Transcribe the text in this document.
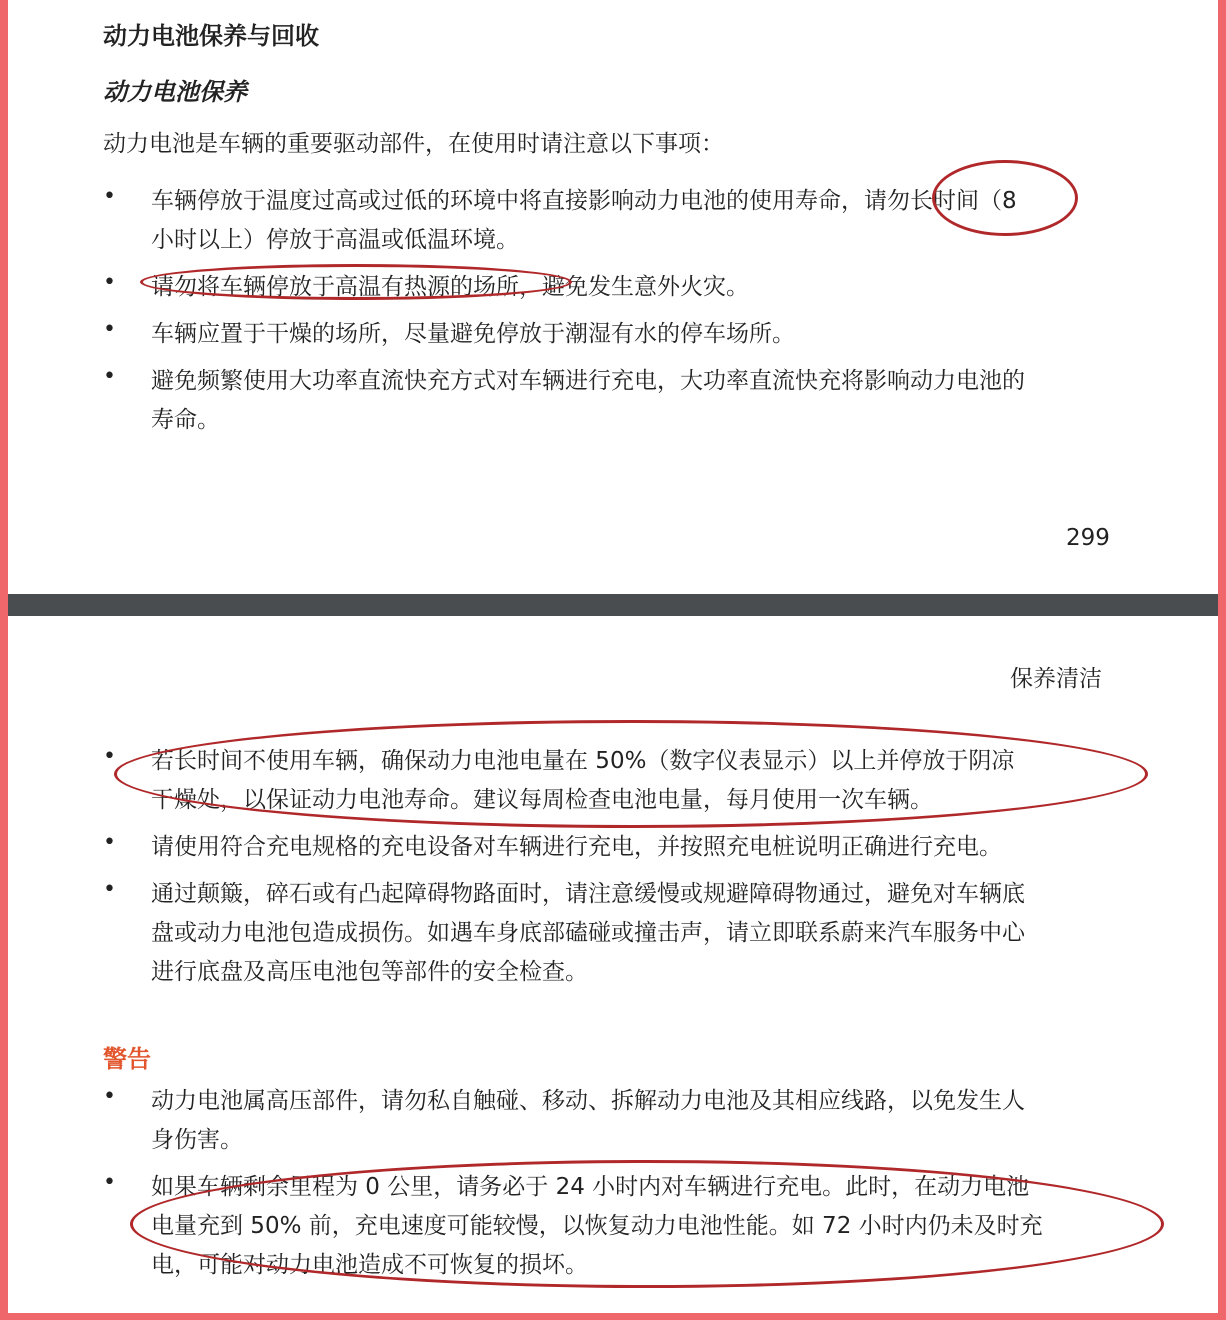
动力电池保养与回收
动力电池保养
动力电池是车辆的重要驱动部件，在使用时请注意以下事项：
• 车辆停放于温度过高或过低的环境中将直接影响动力电池的使用寿命，请勿长时间（8
小时以上）停放于高温或低温环境。
• 请勿将车辆停放于高温有热源的场所，避免发生意外火灾。
• 车辆应置于干燥的场所，尽量避免停放于潮湿有水的停车场所。
• 避免频繁使用大功率直流快充方式对车辆进行充电，大功率直流快充将影响动力电池的
寿命。
299
保养清洁
• 若长时间不使用车辆，确保动力电池电量在 50%（数字仪表显示）以上并停放于阴凉
干燥处，以保证动力电池寿命。建议每周检查电池电量，每月使用一次车辆。
• 请使用符合充电规格的充电设备对车辆进行充电，并按照充电桩说明正确进行充电。
• 通过颠簸，碎石或有凸起障碍物路面时，请注意缓慢或规避障碍物通过，避免对车辆底
盘或动力电池包造成损伤。如遇车身底部磕碰或撞击声，请立即联系蔚来汽车服务中心
进行底盘及高压电池包等部件的安全检查。
警告
• 动力电池属高压部件，请勿私自触碰、移动、拆解动力电池及其相应线路，以免发生人
身伤害。
• 如果车辆剩余里程为 0 公里，请务必于 24 小时内对车辆进行充电。此时，在动力电池
电量充到 50% 前，充电速度可能较慢，以恢复动力电池性能。如 72 小时内仍未及时充
电，可能对动力电池造成不可恢复的损坏。
